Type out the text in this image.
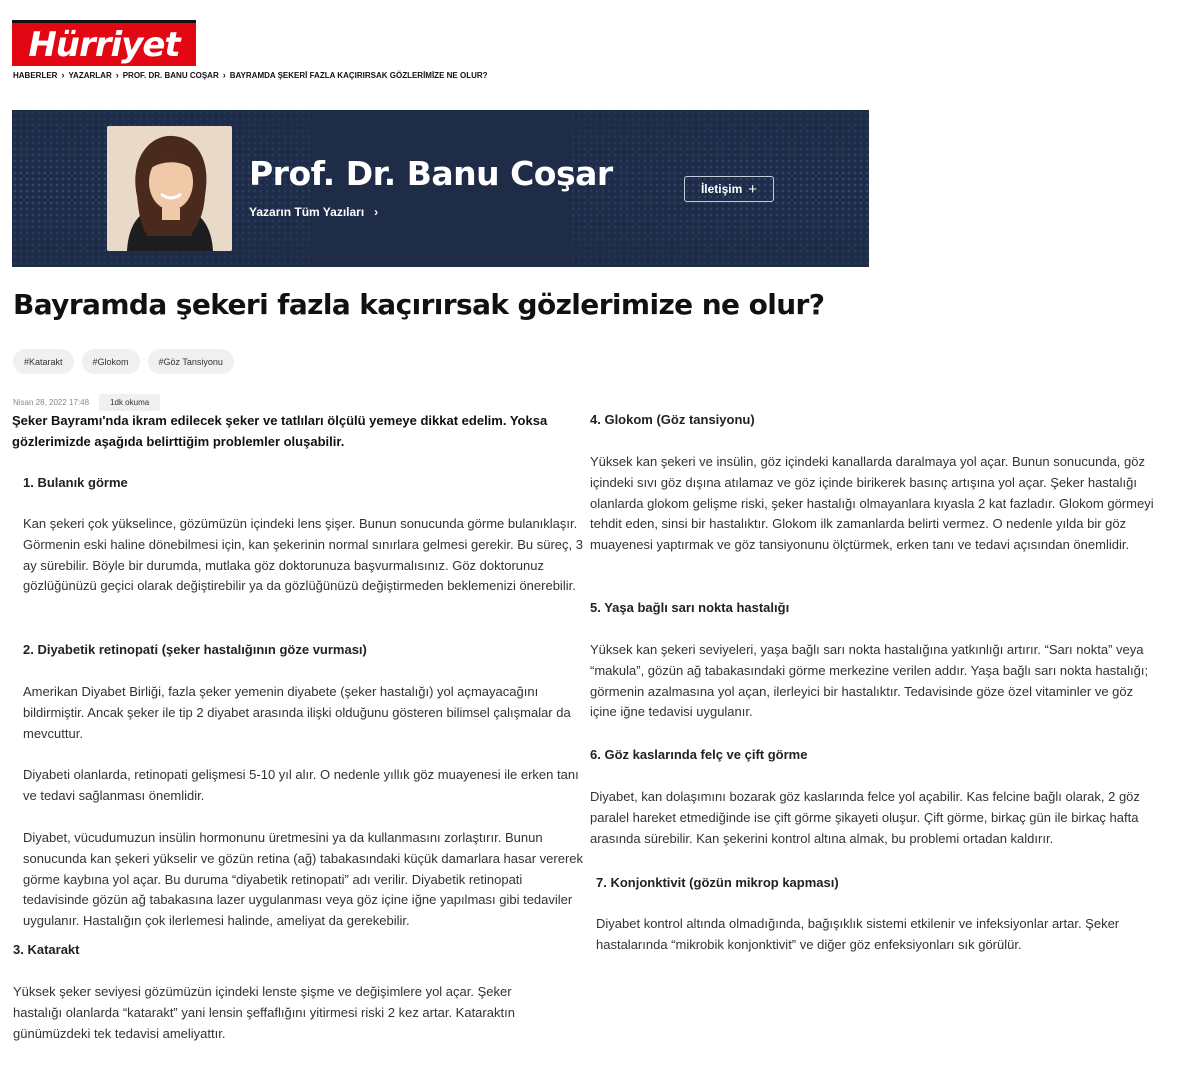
Hürriyet
HABERLER › YAZARLAR › PROF. DR. BANU COŞAR › BAYRAMDA ŞEKERİ FAZLA KAÇIRIRSAK GÖZLERİMİZE NE OLUR?
Prof. Dr. Banu Coşar
Yazarın Tüm Yazıları ›
İletişim +
Bayramda şekeri fazla kaçırırsak gözlerimize ne olur?
#Katarakt	#Glokom	#Göz Tansiyonu
Nisan 28, 2022 17:48	1dk okuma

Şeker Bayramı'nda ikram edilecek şeker ve tatlıları ölçülü yemeye dikkat edelim. Yoksa gözlerimizde aşağıda belirttiğim problemler oluşabilir.

1. Bulanık görme

Kan şekeri çok yükselince, gözümüzün içindeki lens şişer. Bunun sonucunda görme bulanıklaşır. Görmenin eski haline dönebilmesi için, kan şekerinin normal sınırlara gelmesi gerekir. Bu süreç, 3 ay sürebilir. Böyle bir durumda, mutlaka göz doktorunuza başvurmalısınız. Göz doktorunuz gözlüğünüzü geçici olarak değiştirebilir ya da gözlüğünüzü değiştirmeden beklemenizi önerebilir.

2. Diyabetik retinopati (şeker hastalığının göze vurması)

Amerikan Diyabet Birliği, fazla şeker yemenin diyabete (şeker hastalığı) yol açmayacağını bildirmiştir. Ancak şeker ile tip 2 diyabet arasında ilişki olduğunu gösteren bilimsel çalışmalar da mevcuttur.

Diyabeti olanlarda, retinopati gelişmesi 5-10 yıl alır. O nedenle yıllık göz muayenesi ile erken tanı ve tedavi sağlanması önemlidir.

Diyabet, vücudumuzun insülin hormonunu üretmesini ya da kullanmasını zorlaştırır. Bunun sonucunda kan şekeri yükselir ve gözün retina (ağ) tabakasındaki küçük damarlara hasar vererek görme kaybına yol açar. Bu duruma “diyabetik retinopati” adı verilir. Diyabetik retinopati tedavisinde gözün ağ tabakasına lazer uygulanması veya göz içine iğne yapılması gibi tedaviler uygulanır. Hastalığın çok ilerlemesi halinde, ameliyat da gerekebilir.

3. Katarakt

Yüksek şeker seviyesi gözümüzün içindeki lenste şişme ve değişimlere yol açar. Şeker hastalığı olanlarda “katarakt” yani lensin şeffaflığını yitirmesi riski 2 kez artar. Kataraktın günümüzdeki tek tedavisi ameliyattır.

4. Glokom (Göz tansiyonu)

Yüksek kan şekeri ve insülin, göz içindeki kanallarda daralmaya yol açar. Bunun sonucunda, göz içindeki sıvı göz dışına atılamaz ve göz içinde birikerek basınç artışına yol açar. Şeker hastalığı olanlarda glokom gelişme riski, şeker hastalığı olmayanlara kıyasla 2 kat fazladır. Glokom görmeyi tehdit eden, sinsi bir hastalıktır. Glokom ilk zamanlarda belirti vermez. O nedenle yılda bir göz muayenesi yaptırmak ve göz tansiyonunu ölçtürmek, erken tanı ve tedavi açısından önemlidir.

5. Yaşa bağlı sarı nokta hastalığı

Yüksek kan şekeri seviyeleri, yaşa bağlı sarı nokta hastalığına yatkınlığı artırır. “Sarı nokta” veya “makula”, gözün ağ tabakasındaki görme merkezine verilen addır. Yaşa bağlı sarı nokta hastalığı; görmenin azalmasına yol açan, ilerleyici bir hastalıktır. Tedavisinde göze özel vitaminler ve göz içine iğne tedavisi uygulanır.

6. Göz kaslarında felç ve çift görme

Diyabet, kan dolaşımını bozarak göz kaslarında felce yol açabilir. Kas felcine bağlı olarak, 2 göz paralel hareket etmediğinde ise çift görme şikayeti oluşur. Çift görme, birkaç gün ile birkaç hafta arasında sürebilir. Kan şekerini kontrol altına almak, bu problemi ortadan kaldırır.

7. Konjonktivit (gözün mikrop kapması)

Diyabet kontrol altında olmadığında, bağışıklık sistemi etkilenir ve infeksiyonlar artar. Şeker hastalarında “mikrobik konjonktivit” ve diğer göz enfeksiyonları sık görülür.
